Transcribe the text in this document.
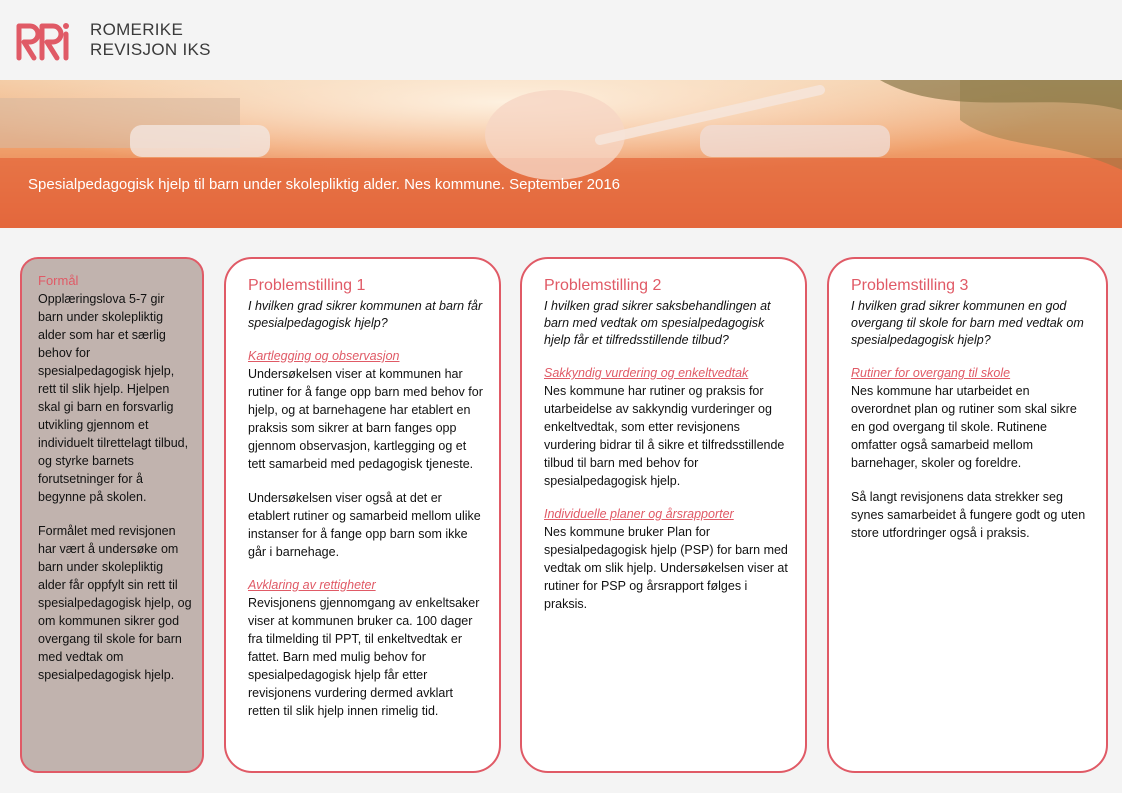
ROMERIKE
REVISJON IKS
Spesialpedagogisk hjelp til barn under skolepliktig alder. Nes kommune. September 2016
Formål
Opplæringslova 5-7 gir barn under skolepliktig alder som har et særlig behov for spesialpedagogisk hjelp, rett til slik hjelp. Hjelpen skal gi barn en forsvarlig utvikling gjennom et individuelt tilrettelagt tilbud, og styrke barnets forutsetninger for å begynne på skolen.
Formålet med revisjonen har vært å undersøke om barn under skolepliktig alder får oppfylt sin rett til spesialpedagogisk hjelp, og om kommunen sikrer god overgang til skole for barn med vedtak om spesialpedagogisk hjelp.
Problemstilling 1
I hvilken grad sikrer kommunen at barn får spesialpedagogisk hjelp?
Kartlegging og observasjon
Undersøkelsen viser at kommunen har rutiner for å fange opp barn med behov for hjelp, og at barnehagene har etablert en praksis som sikrer at barn fanges opp gjennom observasjon, kartlegging og et tett samarbeid med pedagogisk tjeneste.
Undersøkelsen viser også at det er etablert rutiner og samarbeid mellom ulike instanser for å fange opp barn som ikke går i barnehage.
Avklaring av rettigheter
Revisjonens gjennomgang av enkeltsaker viser at kommunen bruker ca. 100 dager fra tilmelding til PPT, til enkeltvedtak er fattet. Barn med mulig behov for spesialpedagogisk hjelp får etter revisjonens vurdering dermed avklart retten til slik hjelp innen rimelig tid.
Problemstilling 2
I hvilken grad sikrer saksbehandlingen at barn med vedtak om spesialpedagogisk hjelp får et tilfredsstillende tilbud?
Sakkyndig vurdering og enkeltvedtak
Nes kommune har rutiner og praksis for utarbeidelse av sakkyndig vurderinger og enkeltvedtak, som etter revisjonens vurdering bidrar til å sikre et tilfredsstillende tilbud til barn med behov for spesialpedagogisk hjelp.
Individuelle planer og årsrapporter
Nes kommune bruker Plan for spesialpedagogisk hjelp (PSP) for barn med vedtak om slik hjelp. Undersøkelsen viser at rutiner for PSP og årsrapport følges i praksis.
Problemstilling 3
I hvilken grad sikrer kommunen en god overgang til skole for barn med vedtak om spesialpedagogisk hjelp?
Rutiner for overgang til skole
Nes kommune har utarbeidet en overordnet plan og rutiner som skal sikre en god overgang til skole. Rutinene omfatter også samarbeid mellom barnehager, skoler og foreldre.
Så langt revisjonens data strekker seg synes samarbeidet å fungere godt og uten store utfordringer også i praksis.
